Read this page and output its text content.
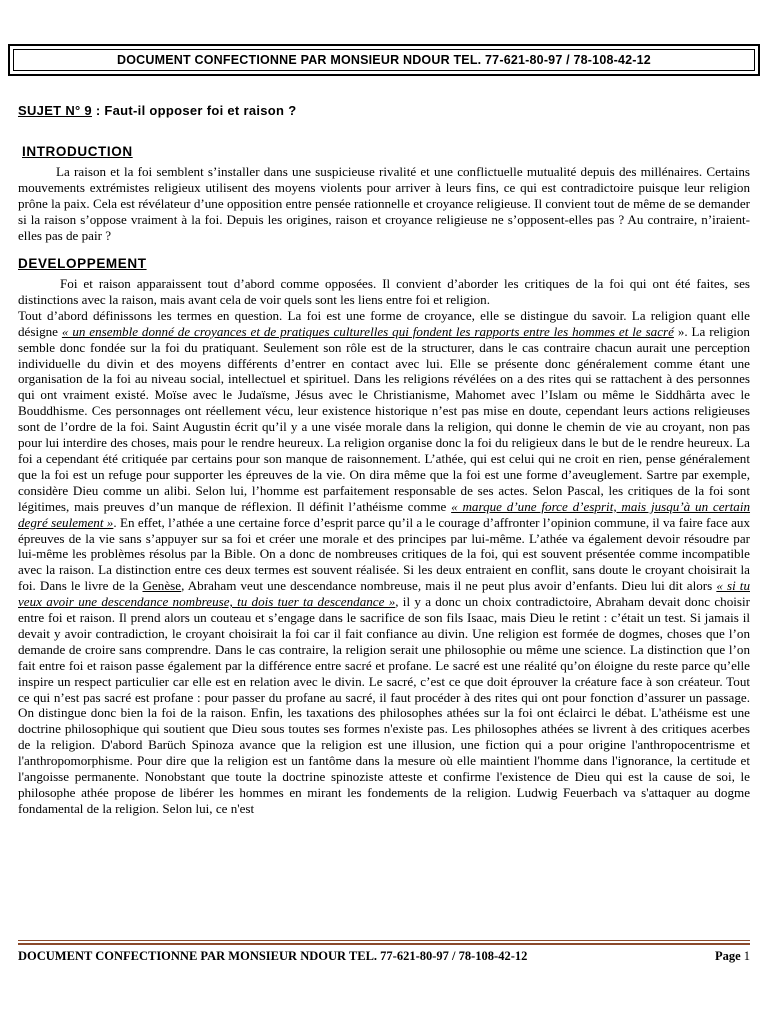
DOCUMENT CONFECTIONNE PAR MONSIEUR NDOUR TEL. 77-621-80-97 / 78-108-42-12
SUJET N° 9 : Faut-il opposer foi et raison ?
INTRODUCTION

La raison et la foi semblent s’installer dans une suspicieuse rivalité et une conflictuelle mutualité depuis des millénaires. Certains mouvements extrémistes religieux utilisent des moyens violents pour arriver à leurs fins, ce qui est contradictoire puisque leur religion prône la paix. Cela est révélateur d’une opposition entre pensée rationnelle et croyance religieuse. Il convient tout de même de se demander si la raison s’oppose vraiment à la foi. Depuis les origines, raison et croyance religieuse ne s’opposent-elles pas ? Au contraire, n’iraient-elles pas de pair ?

DEVELOPPEMENT

Foi et raison apparaissent tout d’abord comme opposées. Il convient d’aborder les critiques de la foi qui ont été faites, ses distinctions avec la raison, mais avant cela de voir quels sont les liens entre foi et religion.

Tout d’abord définissons les termes en question. La foi est une forme de croyance, elle se distingue du savoir. La religion quant elle désigne « un ensemble donné de croyances et de pratiques culturelles qui fondent les rapports entre les hommes et le sacré ». La religion semble donc fondée sur la foi du pratiquant. Seulement son rôle est de la structurer, dans le cas contraire chacun aurait une perception individuelle du divin et des moyens différents d’entrer en contact avec lui. Elle se présente donc généralement comme étant une organisation de la foi au niveau social, intellectuel et spirituel. Dans les religions révélées on a des rites qui se rattachent à des personnes qui ont vraiment existé. Moïse avec le Judaïsme, Jésus avec le Christianisme, Mahomet avec l’Islam ou même le Siddhârta avec le Bouddhisme. Ces personnages ont réellement vécu, leur existence historique n’est pas mise en doute, cependant leurs actions religieuses sont de l’ordre de la foi. Saint Augustin écrit qu’il y a une visée morale dans la religion, qui donne le chemin de vie au croyant, non pas pour lui interdire des choses, mais pour le rendre heureux. La religion organise donc la foi du religieux dans le but de le rendre heureux. La foi a cependant été critiquée par certains pour son manque de raisonnement. L’athée, qui est celui qui ne croit en rien, pense généralement que la foi est un refuge pour supporter les épreuves de la vie. On dira même que la foi est une forme d’aveuglement. Sartre par exemple, considère Dieu comme un alibi. Selon lui, l’homme est parfaitement responsable de ses actes. Selon Pascal, les critiques de la foi sont légitimes, mais preuves d’un manque de réflexion. Il définit l’athéisme comme « marque d’une force d’esprit, mais jusqu’à un certain degré seulement ». En effet, l’athée a une certaine force d’esprit parce qu’il a le courage d’affronter l’opinion commune, il va faire face aux épreuves de la vie sans s’appuyer sur sa foi et créer une morale et des principes par lui-même. L’athée va également devoir résoudre par lui-même les problèmes résolus par la Bible. On a donc de nombreuses critiques de la foi, qui est souvent présentée comme incompatible avec la raison. La distinction entre ces deux termes est souvent réalisée. Si les deux entraient en conflit, sans doute le croyant choisirait la foi. Dans le livre de la Genèse, Abraham veut une descendance nombreuse, mais il ne peut plus avoir d’enfants. Dieu lui dit alors « si tu veux avoir une descendance nombreuse, tu dois tuer ta descendance », il y a donc un choix contradictoire, Abraham devait donc choisir entre foi et raison. Il prend alors un couteau et s’engage dans le sacrifice de son fils Isaac, mais Dieu le retint : c’était un test. Si jamais il devait y avoir contradiction, le croyant choisirait la foi car il fait confiance au divin. Une religion est formée de dogmes, choses que l’on demande de croire sans comprendre. Dans le cas contraire, la religion serait une philosophie ou même une science. La distinction que l’on fait entre foi et raison passe également par la différence entre sacré et profane. Le sacré est une réalité qu’on éloigne du reste parce qu’elle inspire un respect particulier car elle est en relation avec le divin. Le sacré, c’est ce que doit éprouver la créature face à son créateur. Tout ce qui n’est pas sacré est profane : pour passer du profane au sacré, il faut procéder à des rites qui ont pour fonction d’assurer un passage. On distingue donc bien la foi de la raison. Enfin, les taxations des philosophes athées sur la foi ont éclairci le débat. L'athéisme est une doctrine philosophique qui soutient que Dieu sous toutes ses formes n'existe pas. Les philosophes athées se livrent à des critiques acerbes de la religion. D'abord Barüch Spinoza avance que la religion est une illusion, une fiction qui a pour origine l'anthropocentrisme et l'anthropomorphisme. Pour dire que la religion est un fantôme dans la mesure où elle maintient l'homme dans l'ignorance, la certitude et l'angoisse permanente. Nonobstant que toute la doctrine spinoziste atteste et confirme l'existence de Dieu qui est la cause de soi, le philosophe athée propose de libérer les hommes en mirant les fondements de la religion. Ludwig Feuerbach va s'attaquer au dogme fondamental de la religion. Selon lui, ce n'est

DOCUMENT CONFECTIONNE PAR MONSIEUR NDOUR TEL. 77-621-80-97 / 78-108-42-12	Page 1
